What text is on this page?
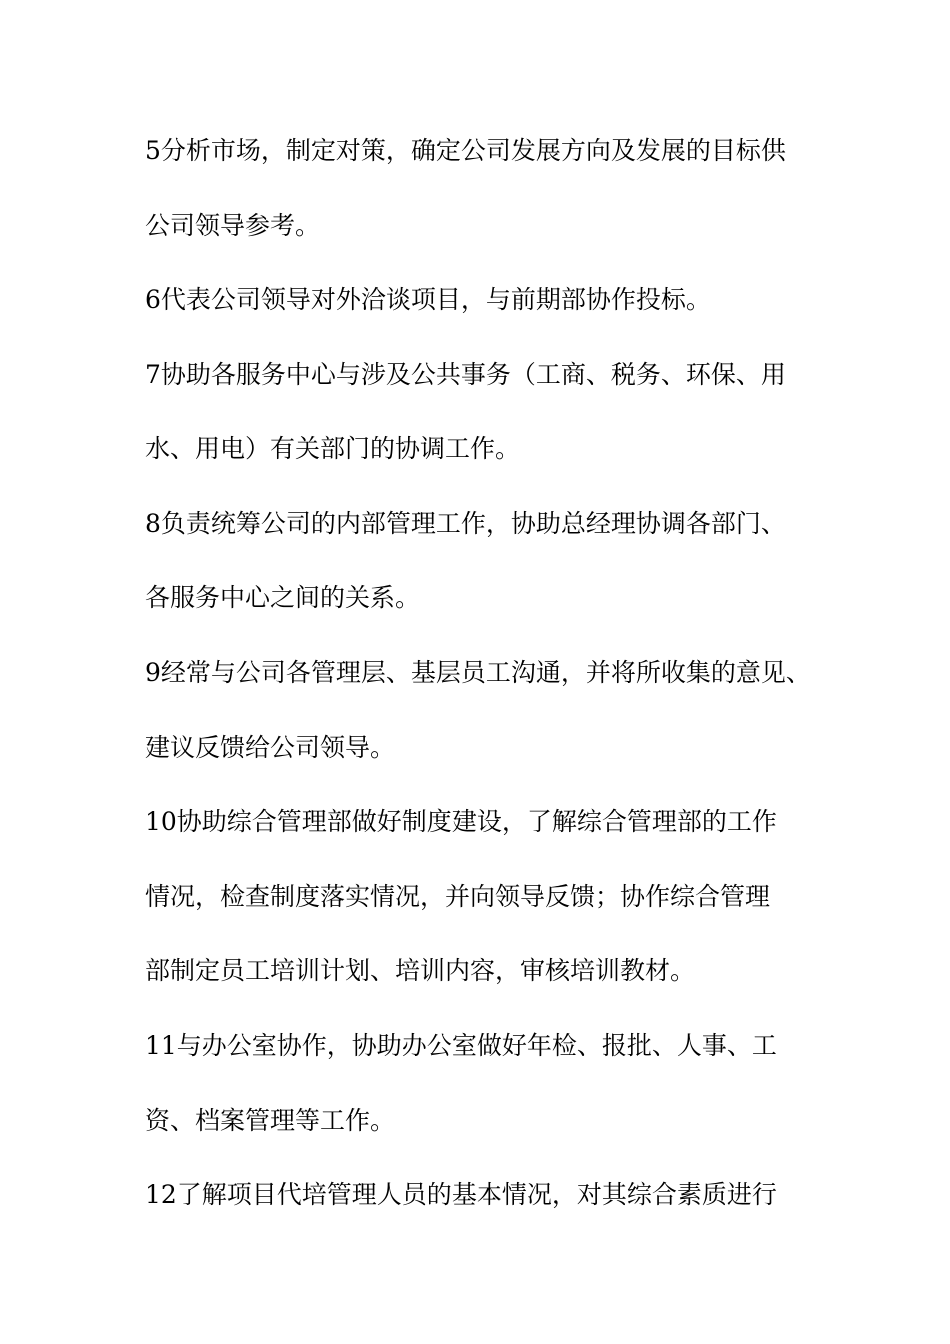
5分析市场，制定对策，确定公司发展方向及发展的目标供
公司领导参考。
6代表公司领导对外洽谈项目，与前期部协作投标。
7协助各服务中心与涉及公共事务（工商、税务、环保、用
水、用电）有关部门的协调工作。
8负责统筹公司的内部管理工作，协助总经理协调各部门、
各服务中心之间的关系。
9经常与公司各管理层、基层员工沟通，并将所收集的意见、
建议反馈给公司领导。
10协助综合管理部做好制度建设，了解综合管理部的工作
情况，检查制度落实情况，并向领导反馈；协作综合管理
部制定员工培训计划、培训内容，审核培训教材。
11与办公室协作，协助办公室做好年检、报批、人事、工
资、档案管理等工作。
12了解项目代培管理人员的基本情况，对其综合素质进行
